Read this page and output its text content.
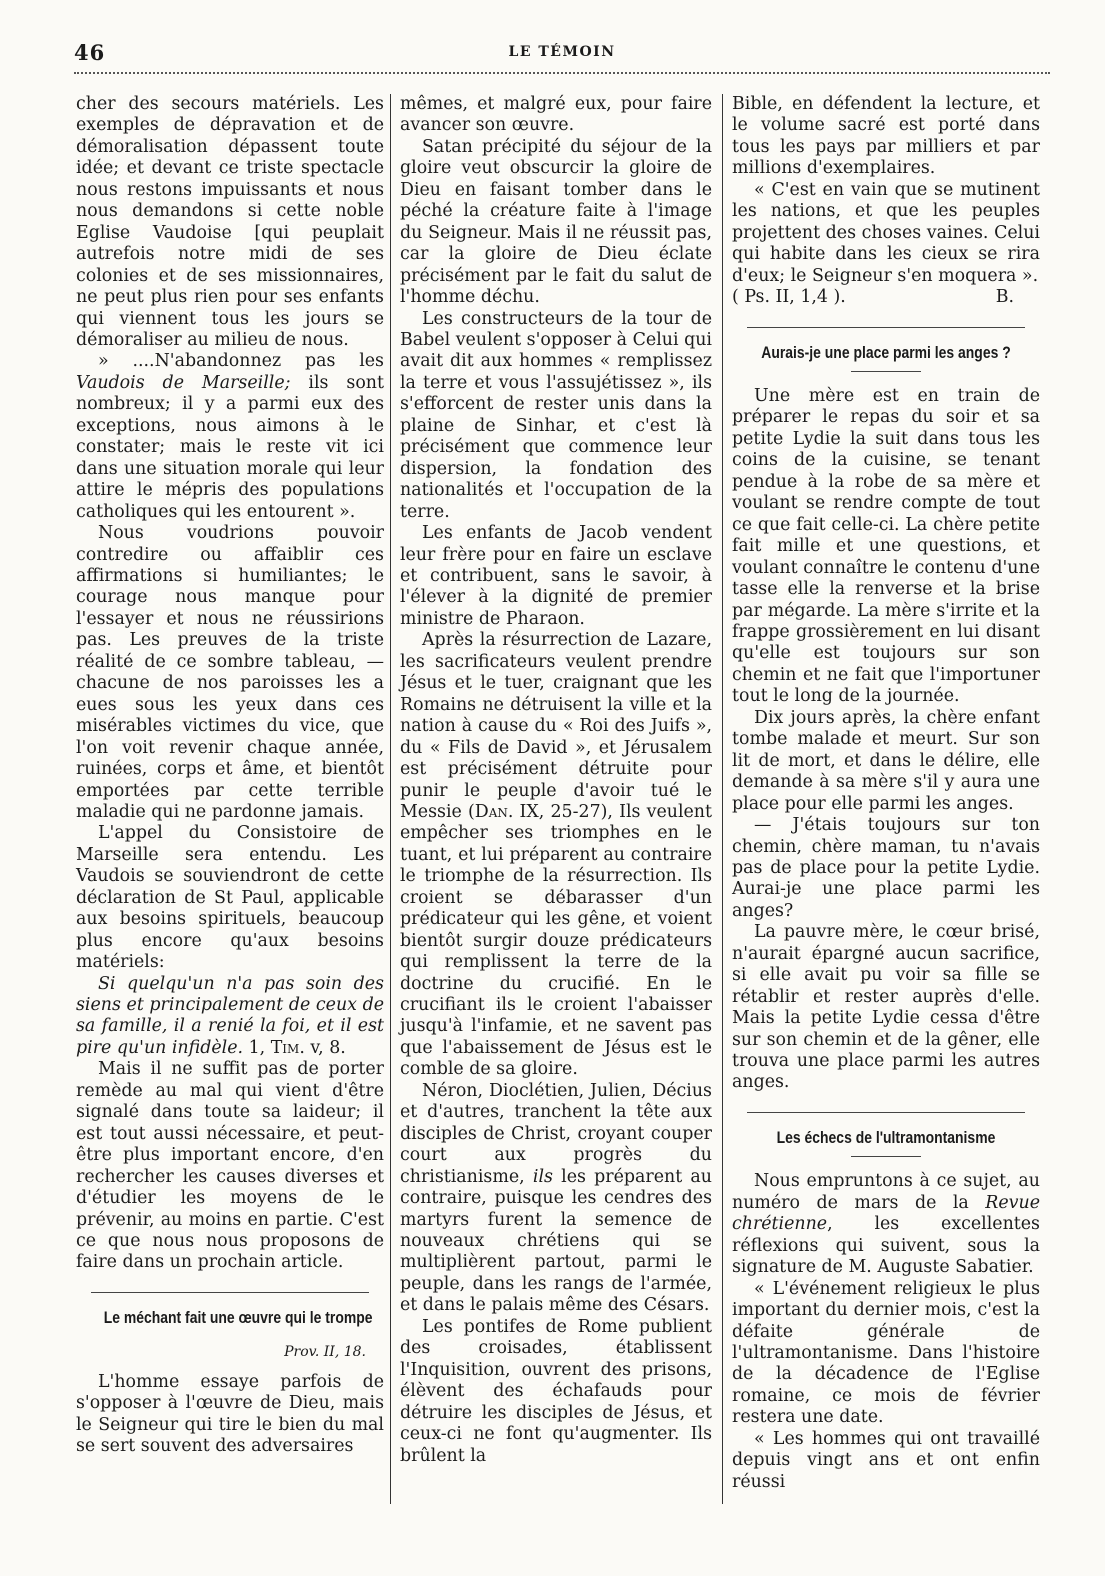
46	LE TÉMOIN

cher des secours matériels. Les exemples de dépravation et de démoralisation dépassent toute idée; et devant ce triste spectacle nous restons impuissants et nous nous demandons si cette noble Eglise Vaudoise [qui peuplait autrefois notre midi de ses colonies et de ses missionnaires, ne peut plus rien pour ses enfants qui viennent tous les jours se démoraliser au milieu de nous.

» ....N'abandonnez pas les Vaudois de Marseille; ils sont nombreux; il y a parmi eux des exceptions, nous aimons à le constater; mais le reste vit ici dans une situation morale qui leur attire le mépris des populations catholiques qui les entourent ».

Nous voudrions pouvoir contredire ou affaiblir ces affirmations si humiliantes; le courage nous manque pour l'essayer et nous ne réussirions pas. Les preuves de la triste réalité de ce sombre tableau, — chacune de nos paroisses les a eues sous les yeux dans ces misérables victimes du vice, que l'on voit revenir chaque année, ruinées, corps et âme, et bientôt emportées par cette terrible maladie qui ne pardonne jamais.

L'appel du Consistoire de Marseille sera entendu. Les Vaudois se souviendront de cette déclaration de St Paul, applicable aux besoins spirituels, beaucoup plus encore qu'aux besoins matériels:

Si quelqu'un n'a pas soin des siens et principalement de ceux de sa famille, il a renié la foi, et il est pire qu'un infidèle. 1, Tim. v, 8.

Mais il ne suffit pas de porter remède au mal qui vient d'être signalé dans toute sa laideur; il est tout aussi nécessaire, et peut-être plus important encore, d'en rechercher les causes diverses et d'étudier les moyens de le prévenir, au moins en partie. C'est ce que nous nous proposons de faire dans un prochain article.

Le méchant fait une œuvre qui le trompe
Prov. II, 18.

L'homme essaye parfois de s'opposer à l'œuvre de Dieu, mais le Seigneur qui tire le bien du mal se sert souvent des adversaires

mêmes, et malgré eux, pour faire avancer son œuvre.

Satan précipité du séjour de la gloire veut obscurcir la gloire de Dieu en faisant tomber dans le péché la créature faite à l'image du Seigneur. Mais il ne réussit pas, car la gloire de Dieu éclate précisément par le fait du salut de l'homme déchu.

Les constructeurs de la tour de Babel veulent s'opposer à Celui qui avait dit aux hommes « remplissez la terre et vous l'assujétissez », ils s'efforcent de rester unis dans la plaine de Sinhar, et c'est là précisément que commence leur dispersion, la fondation des nationalités et l'occupation de la terre.

Les enfants de Jacob vendent leur frère pour en faire un esclave et contribuent, sans le savoir, à l'élever à la dignité de premier ministre de Pharaon.

Après la résurrection de Lazare, les sacrificateurs veulent prendre Jésus et le tuer, craignant que les Romains ne détruisent la ville et la nation à cause du « Roi des Juifs », du « Fils de David », et Jérusalem est précisément détruite pour punir le peuple d'avoir tué le Messie (Dan. IX, 25-27), Ils veulent empêcher ses triomphes en le tuant, et lui préparent au contraire le triomphe de la résurrection. Ils croient se débarasser d'un prédicateur qui les gêne, et voient bientôt surgir douze prédicateurs qui remplissent la terre de la doctrine du crucifié. En le crucifiant ils le croient l'abaisser jusqu'à l'infamie, et ne savent pas que l'abaissement de Jésus est le comble de sa gloire.

Néron, Dioclétien, Julien, Décius et d'autres, tranchent la tête aux disciples de Christ, croyant couper court aux progrès du christianisme, ils les préparent au contraire, puisque les cendres des martyrs furent la semence de nouveaux chrétiens qui se multiplièrent partout, parmi le peuple, dans les rangs de l'armée, et dans le palais même des Césars.

Les pontifes de Rome publient des croisades, établissent l'Inquisition, ouvrent des prisons, élèvent des échafauds pour détruire les disciples de Jésus, et ceux-ci ne font qu'augmenter. Ils brûlent la

Bible, en défendent la lecture, et le volume sacré est porté dans tous les pays par milliers et par millions d'exemplaires.

« C'est en vain que se mutinent les nations, et que les peuples projettent des choses vaines. Celui qui habite dans les cieux se rira d'eux; le Seigneur s'en moquera ».

( Ps. II, 1,4 ).	B.
Aurais-je une place parmi les anges ?

Une mère est en train de préparer le repas du soir et sa petite Lydie la suit dans tous les coins de la cuisine, se tenant pendue à la robe de sa mère et voulant se rendre compte de tout ce que fait celle-ci. La chère petite fait mille et une questions, et voulant connaître le contenu d'une tasse elle la renverse et la brise par mégarde. La mère s'irrite et la frappe grossièrement en lui disant qu'elle est toujours sur son chemin et ne fait que l'importuner tout le long de la journée.

Dix jours après, la chère enfant tombe malade et meurt. Sur son lit de mort, et dans le délire, elle demande à sa mère s'il y aura une place pour elle parmi les anges.

— J'étais toujours sur ton chemin, chère maman, tu n'avais pas de place pour la petite Lydie. Aurai-je une place parmi les anges?

La pauvre mère, le cœur brisé, n'aurait épargné aucun sacrifice, si elle avait pu voir sa fille se rétablir et rester auprès d'elle. Mais la petite Lydie cessa d'être sur son chemin et de la gêner, elle trouva une place parmi les autres anges.

Les échecs de l'ultramontanisme

Nous empruntons à ce sujet, au numéro de mars de la Revue chrétienne, les excellentes réflexions qui suivent, sous la signature de M. Auguste Sabatier.

« L'événement religieux le plus important du dernier mois, c'est la défaite générale de l'ultramontanisme. Dans l'histoire de la décadence de l'Eglise romaine, ce mois de février restera une date.

« Les hommes qui ont travaillé depuis vingt ans et ont enfin réussi
